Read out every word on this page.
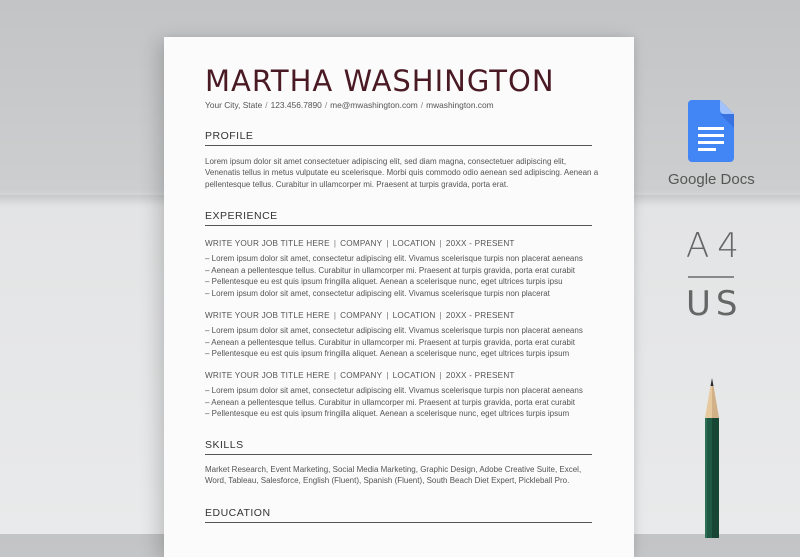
MARTHA WASHINGTON
Your City, State / 123.456.7890 / me@mwashington.com / mwashington.com
PROFILE
Lorem ipsum dolor sit amet consectetuer adipiscing elit, sed diam magna, consectetuer adipiscing elit, Venenatis tellus in metus vulputate eu scelerisque. Morbi quis commodo odio aenean sed adipiscing. Aenean a pellentesque tellus. Curabitur in ullamcorper mi. Praesent at turpis gravida, porta erat.
EXPERIENCE
WRITE YOUR JOB TITLE HERE | COMPANY | LOCATION | 20XX - PRESENT
– Lorem ipsum dolor sit amet, consectetur adipiscing elit. Vivamus scelerisque turpis non placerat aeneans
– Aenean a pellentesque tellus. Curabitur in ullamcorper mi. Praesent at turpis gravida, porta erat curabit
– Pellentesque eu est quis ipsum fringilla aliquet. Aenean a scelerisque nunc, eget ultrices turpis ipsu
– Lorem ipsum dolor sit amet, consectetur adipiscing elit. Vivamus scelerisque turpis non placerat
WRITE YOUR JOB TITLE HERE | COMPANY | LOCATION | 20XX - PRESENT
– Lorem ipsum dolor sit amet, consectetur adipiscing elit. Vivamus scelerisque turpis non placerat aeneans
– Aenean a pellentesque tellus. Curabitur in ullamcorper mi. Praesent at turpis gravida, porta erat curabit
– Pellentesque eu est quis ipsum fringilla aliquet. Aenean a scelerisque nunc, eget ultrices turpis ipsum
WRITE YOUR JOB TITLE HERE | COMPANY | LOCATION | 20XX - PRESENT
– Lorem ipsum dolor sit amet, consectetur adipiscing elit. Vivamus scelerisque turpis non placerat aeneans
– Aenean a pellentesque tellus. Curabitur in ullamcorper mi. Praesent at turpis gravida, porta erat curabit
– Pellentesque eu est quis ipsum fringilla aliquet. Aenean a scelerisque nunc, eget ultrices turpis ipsum
SKILLS
Market Research, Event Marketing, Social Media Marketing, Graphic Design, Adobe Creative Suite, Excel, Word, Tableau, Salesforce, English (Fluent), Spanish (Fluent), South Beach Diet Expert, Pickleball Pro.
EDUCATION
Google Docs
A4
US
